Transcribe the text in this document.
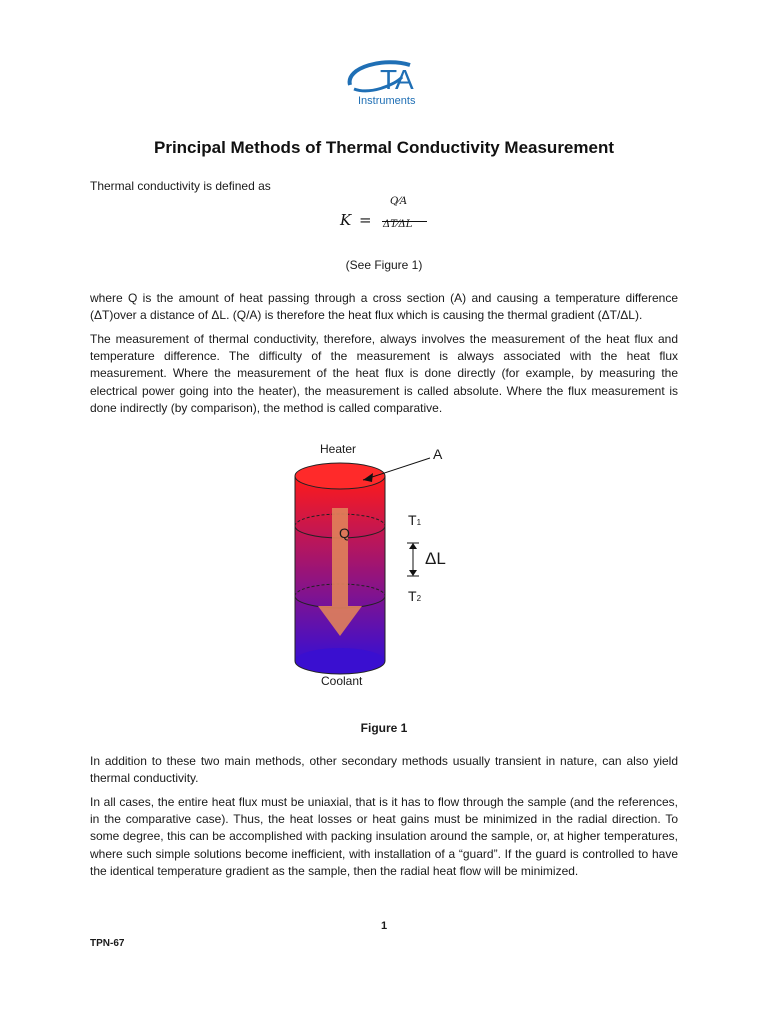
TA
Instruments
Principal Methods of Thermal Conductivity Measurement
Thermal conductivity is defined as
K =
Q⁄A
ΔT⁄ΔL
(See Figure 1)
where Q is the amount of heat passing through a cross section (A) and causing a temperature difference (ΔT)over a distance of ΔL. (Q/A) is therefore the heat flux which is causing the thermal gradient (ΔT/ΔL).
The measurement of thermal conductivity, therefore, always involves the measurement of the heat flux and temperature difference. The difficulty of the measurement is always associated with the heat flux measurement. Where the measurement of the heat flux is done directly (for example, by measuring the electrical power going into the heater), the measurement is called absolute. Where the flux measurement is done indirectly (by comparison), the method is called comparative.
Heater	A
Q
T1
ΔL
T2
Coolant
Figure 1
In addition to these two main methods, other secondary methods usually transient in nature, can also yield thermal conductivity.
In all cases, the entire heat flux must be uniaxial, that is it has to flow through the sample (and the references, in the comparative case). Thus, the heat losses or heat gains must be minimized in the radial direction. To some degree, this can be accomplished with packing insulation around the sample, or, at higher temperatures, where such simple solutions become inefficient, with installation of a “guard”. If the guard is controlled to have the identical temperature gradient as the sample, then the radial heat flow will be minimized.
1
TPN-67
